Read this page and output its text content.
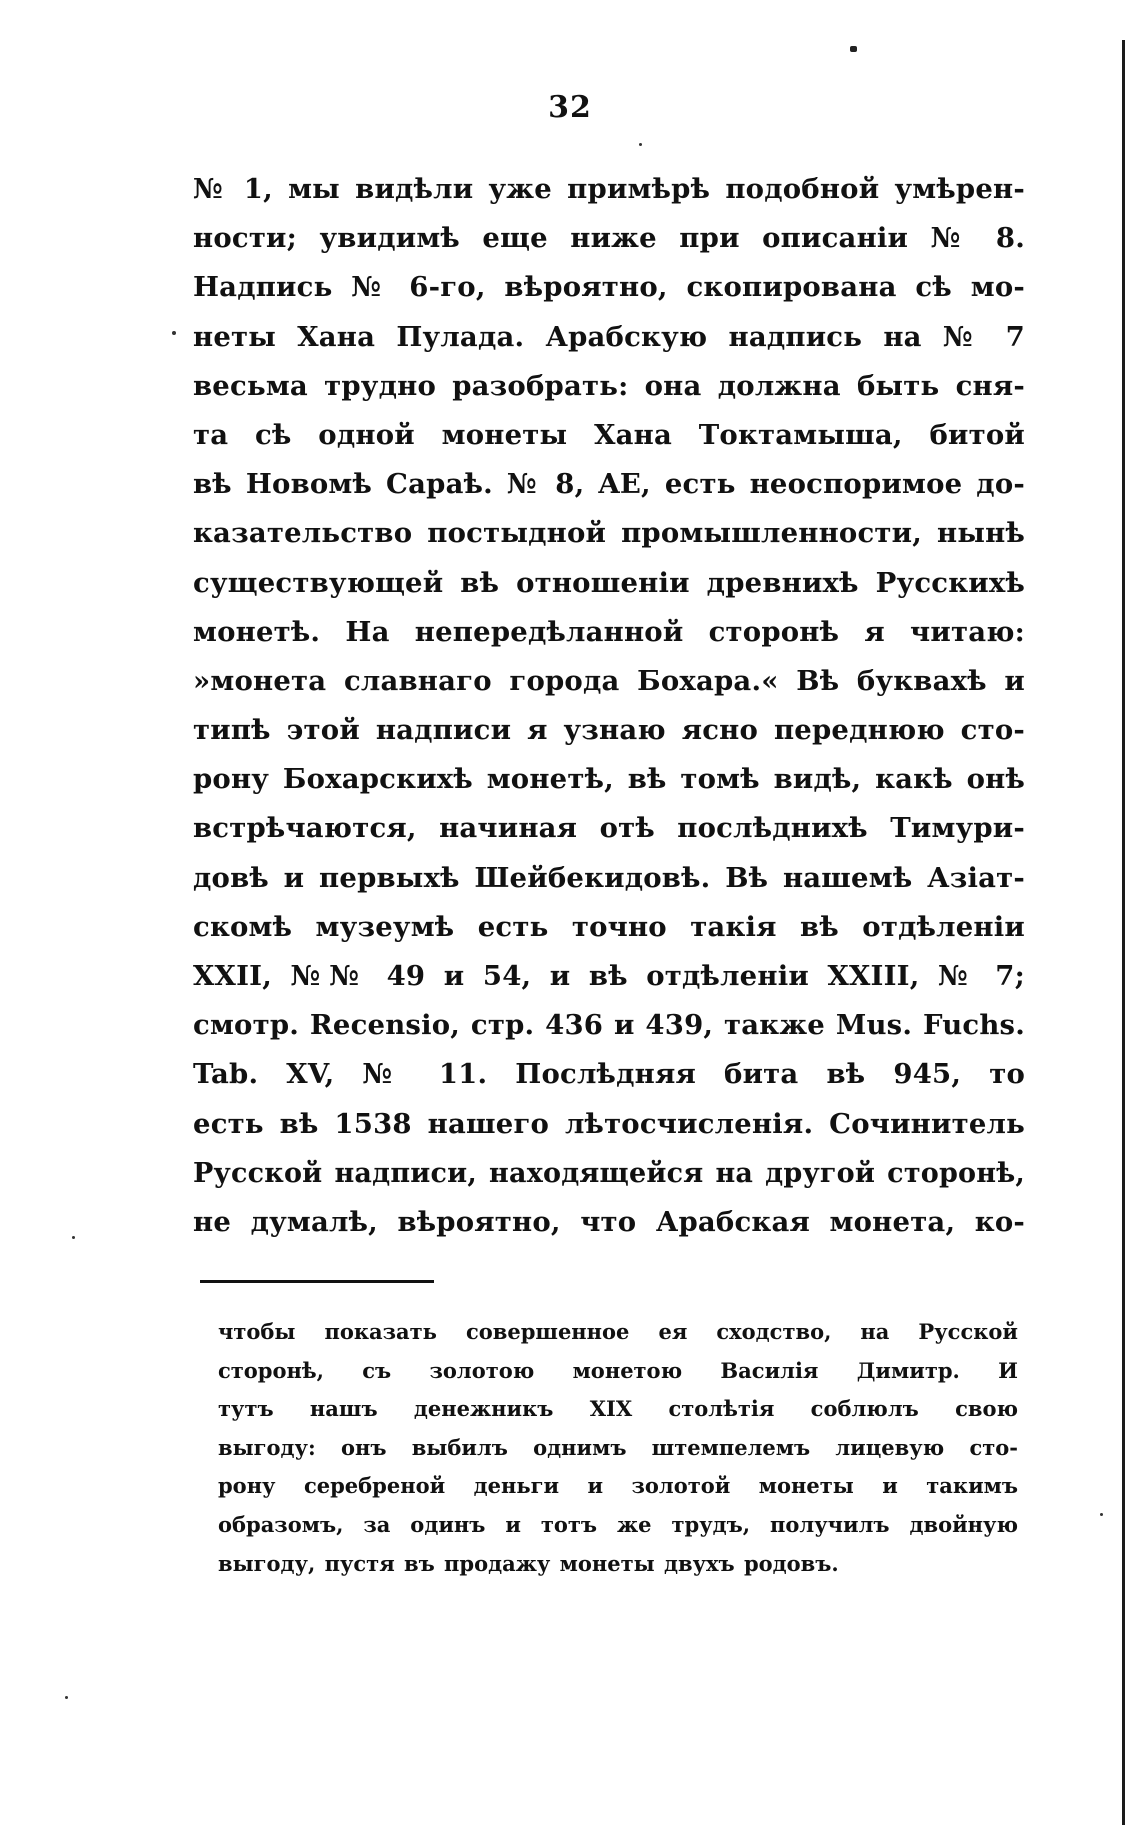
32
№ 1, мы видѣли уже примѣрѣ подобной умѣрен-
ности; увидимѣ еще ниже при описаніи № 8.
Надпись № 6-го, вѣроятно, скопирована сѣ мо-
неты Хана Пулада. Арабскую надпись на № 7
весьма трудно разобрать: она должна быть сня-
та сѣ одной монеты Хана Токтамыша, битой
вѣ Новомѣ Сараѣ. № 8, AE, есть неоспоримое до-
казательство постыдной промышленности, нынѣ
существующей вѣ отношеніи древнихѣ Русскихѣ
монетѣ. На непередѣланной сторонѣ я читаю:
»монета славнаго города Бохара.« Вѣ буквахѣ и
типѣ этой надписи я узнаю ясно переднюю сто-
рону Бохарскихѣ монетѣ, вѣ томѣ видѣ, какѣ онѣ
встрѣчаются, начиная отѣ послѣднихѣ Тимури-
довѣ и первыхѣ Шейбекидовѣ. Вѣ нашемѣ Азіат-
скомѣ музеумѣ есть точно такія вѣ отдѣленіи
XXII, №№ 49 и 54, и вѣ отдѣленіи XXIII, № 7;
смотр. Recensio, стр. 436 и 439, также Mus. Fuchs.
Tab. XV, № 11. Послѣдняя бита вѣ 945, то
есть вѣ 1538 нашего лѣтосчисленія. Сочинитель
Русской надписи, находящейся на другой сторонѣ,
не думалѣ, вѣроятно, что Арабская монета, ко-
чтобы показать совершенное ея сходство, на Русской
сторонѣ, съ золотою монетою Василія Димитр. И
тутъ нашъ денежникъ XIX столѣтія соблюлъ свою
выгоду: онъ выбилъ однимъ штемпелемъ лицевую сто-
рону серебреной деньги и золотой монеты и такимъ
образомъ, за одинъ и тотъ же трудъ, получилъ двойную
выгоду, пустя въ продажу монеты двухъ родовъ.
